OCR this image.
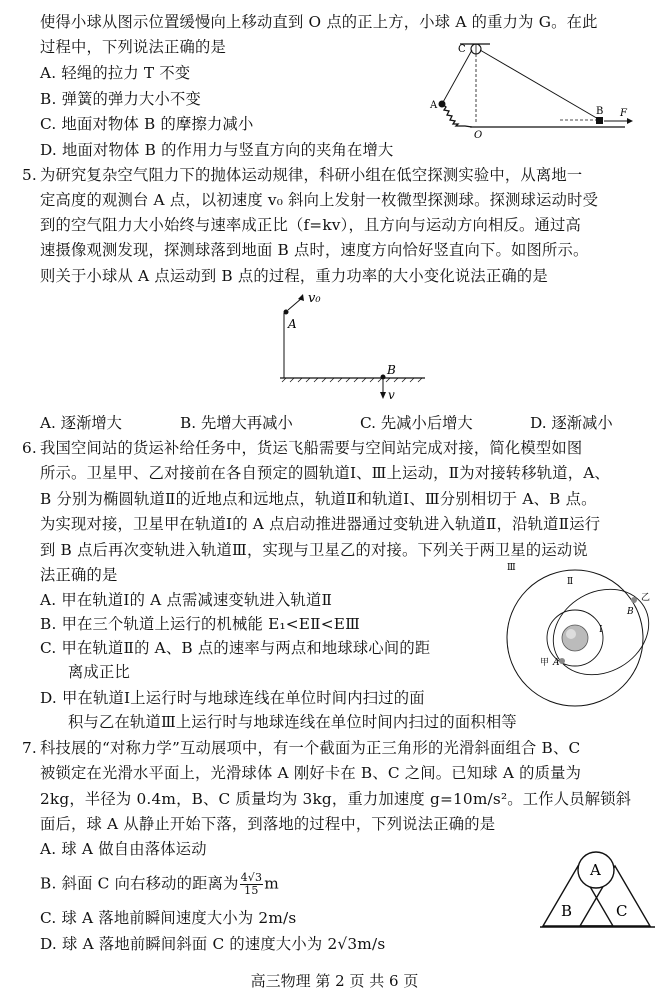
使得小球从图示位置缓慢向上移动直到 O 点的正上方，小球 A 的重力为 G。在此
过程中，下列说法正确的是
A. 轻绳的拉力 T 不变
B. 弹簧的弹力大小不变
C. 地面对物体 B 的摩擦力减小
D. 地面对物体 B 的作用力与竖直方向的夹角在增大
C
A
O
B F
5. 为研究复杂空气阻力下的抛体运动规律，科研小组在低空探测实验中，从离地一
定高度的观测台 A 点，以初速度 v₀ 斜向上发射一枚微型探测球。探测球运动时受
到的空气阻力大小始终与速率成正比（f=kv），且方向与运动方向相反。通过高
速摄像观测发现，探测球落到地面 B 点时，速度方向恰好竖直向下。如图所示。
则关于小球从 A 点运动到 B 点的过程，重力功率的大小变化说法正确的是
v₀
A
B
v
A. 逐渐增大	B. 先增大再减小	C. 先减小后增大	D. 逐渐减小
6. 我国空间站的货运补给任务中，货运飞船需要与空间站完成对接，简化模型如图
所示。卫星甲、乙对接前在各自预定的圆轨道Ⅰ、Ⅲ上运动，Ⅱ为对接转移轨道，A、
B 分别为椭圆轨道Ⅱ的近地点和远地点，轨道Ⅱ和轨道Ⅰ、Ⅲ分别相切于 A、B 点。
为实现对接，卫星甲在轨道Ⅰ的 A 点启动推进器通过变轨进入轨道Ⅱ，沿轨道Ⅱ运行
到 B 点后再次变轨进入轨道Ⅲ，实现与卫星乙的对接。下列关于两卫星的运动说
法正确的是
A. 甲在轨道Ⅰ的 A 点需减速变轨进入轨道Ⅱ
B. 甲在三个轨道上运行的机械能 E₁<EⅡ<EⅢ
C. 甲在轨道Ⅱ的 A、B 点的速率与两点和地球球心间的距
离成正比
D. 甲在轨道Ⅰ上运行时与地球连线在单位时间内扫过的面
积与乙在轨道Ⅲ上运行时与地球连线在单位时间内扫过的面积相等
Ⅲ
Ⅱ
Ⅰ
B
乙
甲 A
7. 科技展的“对称力学”互动展项中，有一个截面为正三角形的光滑斜面组合 B、C
被锁定在光滑水平面上，光滑球体 A 刚好卡在 B、C 之间。已知球 A 的质量为
2kg，半径为 0.4m，B、C 质量均为 3kg，重力加速度 g=10m/s²。工作人员解锁斜
面后，球 A 从静止开始下落，到落地的过程中，下列说法正确的是
A. 球 A 做自由落体运动
B. 斜面 C 向右移动的距离为 $\frac{4√3}{15}$ m
C. 球 A 落地前瞬间速度大小为 2m/s
D. 球 A 落地前瞬间斜面 C 的速度大小为 2√3m/s
A
B	C
高三物理 第 2 页 共 6 页
